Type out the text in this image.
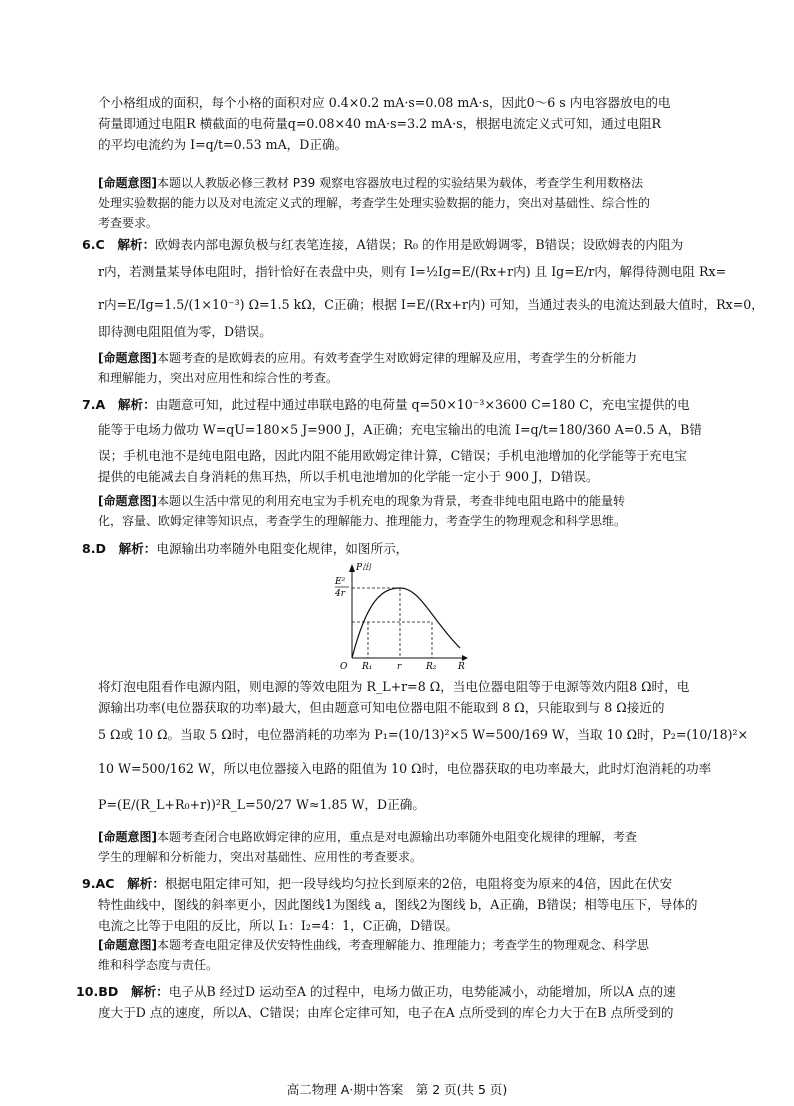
个小格组成的面积，每个小格的面积对应 0.4×0.2 mA·s=0.08 mA·s，因此0～6 s 内电容器放电的电
荷量即通过电阻R 横截面的电荷量q=0.08×40 mA·s=3.2 mA·s，根据电流定义式可知，通过电阻R
的平均电流约为 I=q/t=0.53 mA，D正确。
[命题意图]本题以人教版必修三教材 P39 观察电容器放电过程的实验结果为载体，考查学生利用数格法
处理实验数据的能力以及对电流定义式的理解，考查学生处理实验数据的能力，突出对基础性、综合性的
考查要求。
6.C　 解析：欧姆表内部电源负极与红表笔连接，A错误；R₀ 的作用是欧姆调零，B错误；设欧姆表的内阻为
r内，若测量某导体电阻时，指针恰好在表盘中央，则有 I=½Ig=E/(Rx+r内) 且 Ig=E/r内，解得待测电阻 Rx=
r内=E/Ig=1.5/(1×10⁻³) Ω=1.5 kΩ，C正确；根据 I=E/(Rx+r内) 可知，当通过表头的电流达到最大值时，Rx=0，
即待测电阻阻值为零，D错误。
[命题意图]本题考查的是欧姆表的应用。有效考查学生对欧姆定律的理解及应用，考查学生的分析能力
和理解能力，突出对应用性和综合性的考查。
7.A　 解析：由题意可知，此过程中通过串联电路的电荷量 q=50×10⁻³×3600 C=180 C，充电宝提供的电
能等于电场力做功 W=qU=180×5 J=900 J，A正确；充电宝输出的电流 I=q/t=180/360 A=0.5 A，B错
误；手机电池不是纯电阻电路，因此内阻不能用欧姆定律计算，C错误；手机电池增加的化学能等于充电宝
提供的电能减去自身消耗的焦耳热，所以手机电池增加的化学能一定小于 900 J，D错误。
[命题意图]本题以生活中常见的利用充电宝为手机充电的现象为背景，考查非纯电阻电路中的能量转
化，容量、欧姆定律等知识点，考查学生的理解能力、推理能力，考查学生的物理观念和科学思维。
8.D　 解析：电源输出功率随外电阻变化规律，如图所示，
P出
E²
4r
O R₁	r	R₂ R
将灯泡电阻看作电源内阻，则电源的等效电阻为 R_L+r=8 Ω，当电位器电阻等于电源等效内阻8 Ω时，电
源输出功率(电位器获取的功率)最大，但由题意可知电位器电阻不能取到 8 Ω，只能取到与 8 Ω接近的
5 Ω或 10 Ω。当取 5 Ω时，电位器消耗的功率为 P₁=(10/13)²×5 W=500/169 W，当取 10 Ω时，P₂=(10/18)²×
10 W=500/162 W，所以电位器接入电路的阻值为 10 Ω时，电位器获取的电功率最大，此时灯泡消耗的功率
P=(E/(R_L+R₀+r))²R_L=50/27 W≈1.85 W，D正确。
[命题意图]本题考查闭合电路欧姆定律的应用，重点是对电源输出功率随外电阻变化规律的理解，考查
学生的理解和分析能力，突出对基础性、应用性的考查要求。
9.AC　 解析：根据电阻定律可知，把一段导线均匀拉长到原来的2倍，电阻将变为原来的4倍，因此在伏安
特性曲线中，图线的斜率更小，因此图线1为图线 a，图线2为图线 b，A正确，B错误；相等电压下，导体的
电流之比等于电阻的反比，所以 I₁：I₂=4：1，C正确，D错误。
[命题意图]本题考查电阻定律及伏安特性曲线，考查理解能力、推理能力；考查学生的物理观念、科学思
维和科学态度与责任。
10.BD　 解析：电子从B 经过D 运动至A 的过程中，电场力做正功，电势能减小，动能增加，所以A 点的速
度大于D 点的速度，所以A、C错误；由库仑定律可知，电子在A 点所受到的库仑力大于在B 点所受到的
高二物理 A·期中答案　第 2 页(共 5 页)
